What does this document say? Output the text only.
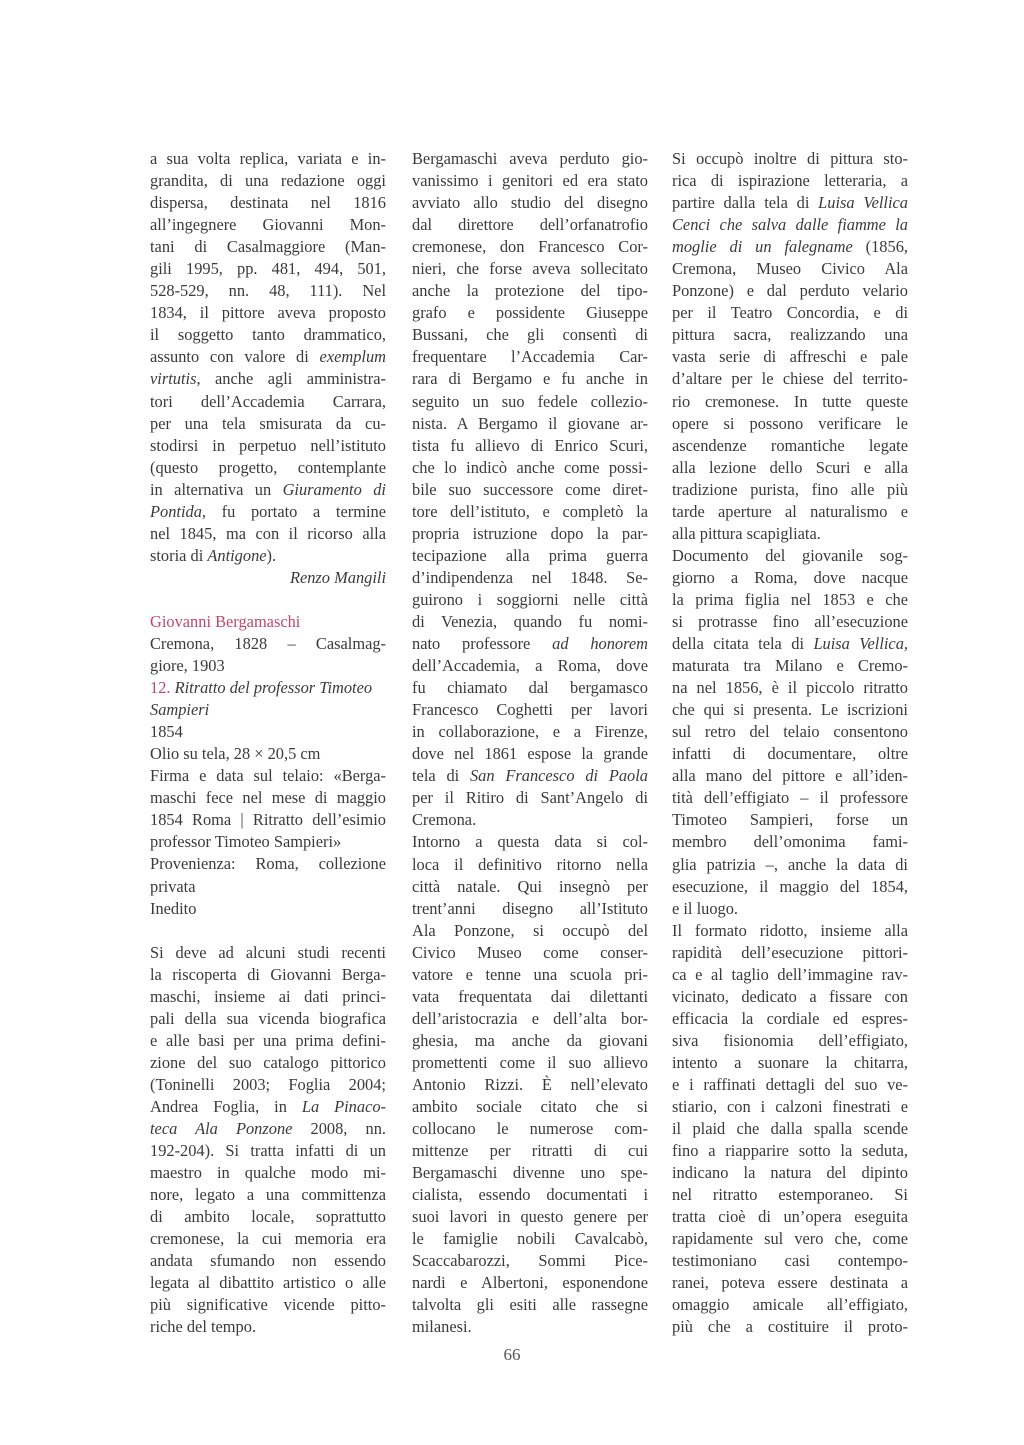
a sua volta replica, variata e in-
grandita, di una redazione oggi
dispersa, destinata nel 1816
all’ingegnere Giovanni Mon-
tani di Casalmaggiore (Man-
gili 1995, pp. 481, 494, 501,
528-529, nn. 48, 111). Nel
1834, il pittore aveva proposto
il soggetto tanto drammatico,
assunto con valore di exemplum
virtutis, anche agli amministra-
tori dell’Accademia Carrara,
per una tela smisurata da cu-
stodirsi in perpetuo nell’istituto
(questo progetto, contemplante
in alternativa un Giuramento di
Pontida, fu portato a termine
nel 1845, ma con il ricorso alla
storia di Antigone).
Renzo Mangili

Giovanni Bergamaschi
Cremona, 1828 – Casalmag-
giore, 1903
12. Ritratto del professor Timoteo
Sampieri
1854
Olio su tela, 28 × 20,5 cm
Firma e data sul telaio: «Berga-
maschi fece nel mese di maggio
1854 Roma | Ritratto dell’esimio
professor Timoteo Sampieri»
Provenienza: Roma, collezione
privata
Inedito

Si deve ad alcuni studi recenti
la riscoperta di Giovanni Berga-
maschi, insieme ai dati princi-
pali della sua vicenda biografica
e alle basi per una prima defini-
zione del suo catalogo pittorico
(Toninelli 2003; Foglia 2004;
Andrea Foglia, in La Pinaco-
teca Ala Ponzone 2008, nn.
192-204). Si tratta infatti di un
maestro in qualche modo mi-
nore, legato a una committenza
di ambito locale, soprattutto
cremonese, la cui memoria era
andata sfumando non essendo
legata al dibattito artistico o alle
più significative vicende pitto-
riche del tempo.

Bergamaschi aveva perduto gio-
vanissimo i genitori ed era stato
avviato allo studio del disegno
dal direttore dell’orfanatrofio
cremonese, don Francesco Cor-
nieri, che forse aveva sollecitato
anche la protezione del tipo-
grafo e possidente Giuseppe
Bussani, che gli consentì di
frequentare l’Accademia Car-
rara di Bergamo e fu anche in
seguito un suo fedele collezio-
nista. A Bergamo il giovane ar-
tista fu allievo di Enrico Scuri,
che lo indicò anche come possi-
bile suo successore come diret-
tore dell’istituto, e completò la
propria istruzione dopo la par-
tecipazione alla prima guerra
d’indipendenza nel 1848. Se-
guirono i soggiorni nelle città
di Venezia, quando fu nomi-
nato professore ad honorem
dell’Accademia, a Roma, dove
fu chiamato dal bergamasco
Francesco Coghetti per lavori
in collaborazione, e a Firenze,
dove nel 1861 espose la grande
tela di San Francesco di Paola
per il Ritiro di Sant’Angelo di
Cremona.

Intorno a questa data si col-
loca il definitivo ritorno nella
città natale. Qui insegnò per
trent’anni disegno all’Istituto
Ala Ponzone, si occupò del
Civico Museo come conser-
vatore e tenne una scuola pri-
vata frequentata dai dilettanti
dell’aristocrazia e dell’alta bor-
ghesia, ma anche da giovani
promettenti come il suo allievo
Antonio Rizzi. È nell’elevato
ambito sociale citato che si
collocano le numerose com-
mittenze per ritratti di cui
Bergamaschi divenne uno spe-
cialista, essendo documentati i
suoi lavori in questo genere per
le famiglie nobili Cavalcabò,
Scaccabarozzi, Sommi Pice-
nardi e Albertoni, esponendone
talvolta gli esiti alle rassegne
milanesi.

Si occupò inoltre di pittura sto-
rica di ispirazione letteraria, a
partire dalla tela di Luisa Vellica
Cenci che salva dalle fiamme la
moglie di un falegname (1856,
Cremona, Museo Civico Ala
Ponzone) e dal perduto velario
per il Teatro Concordia, e di
pittura sacra, realizzando una
vasta serie di affreschi e pale
d’altare per le chiese del territo-
rio cremonese. In tutte queste
opere si possono verificare le
ascendenze romantiche legate
alla lezione dello Scuri e alla
tradizione purista, fino alle più
tarde aperture al naturalismo e
alla pittura scapigliata.

Documento del giovanile sog-
giorno a Roma, dove nacque
la prima figlia nel 1853 e che
si protrasse fino all’esecuzione
della citata tela di Luisa Vellica,
maturata tra Milano e Cremo-
na nel 1856, è il piccolo ritratto
che qui si presenta. Le iscrizioni
sul retro del telaio consentono
infatti di documentare, oltre
alla mano del pittore e all’iden-
tità dell’effigiato – il professore
Timoteo Sampieri, forse un
membro dell’omonima fami-
glia patrizia –, anche la data di
esecuzione, il maggio del 1854,
e il luogo.

Il formato ridotto, insieme alla
rapidità dell’esecuzione pittori-
ca e al taglio dell’immagine rav-
vicinato, dedicato a fissare con
efficacia la cordiale ed espres-
siva fisionomia dell’effigiato,
intento a suonare la chitarra,
e i raffinati dettagli del suo ve-
stiario, con i calzoni finestrati e
il plaid che dalla spalla scende
fino a riapparire sotto la seduta,
indicano la natura del dipinto
nel ritratto estemporaneo. Si
tratta cioè di un’opera eseguita
rapidamente sul vero che, come
testimoniano casi contempo-
ranei, poteva essere destinata a
omaggio amicale all’effigiato,
più che a costituire il proto-

66
